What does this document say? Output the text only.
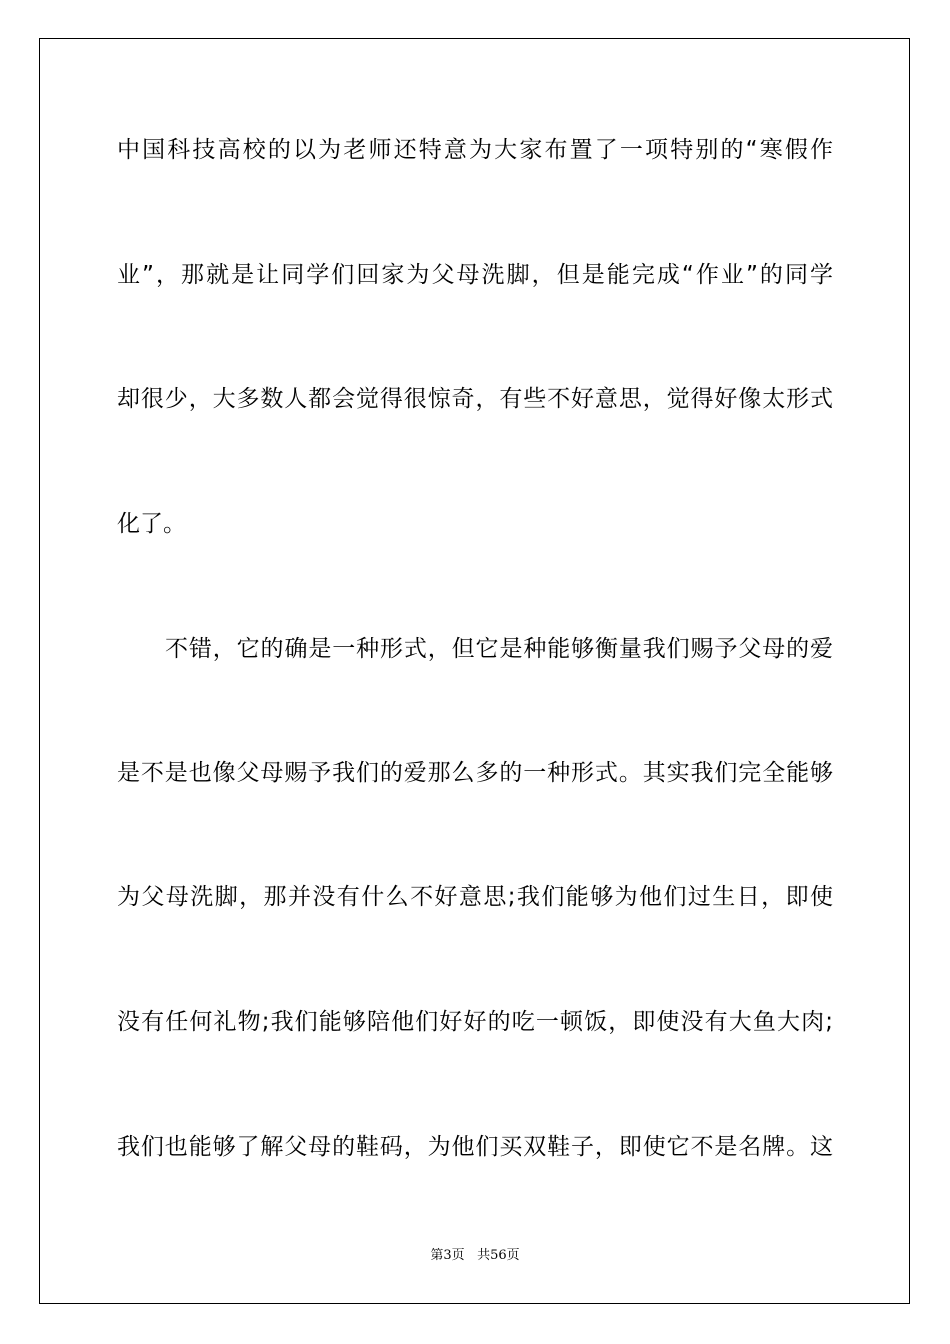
中国科技高校的以为老师还特意为大家布置了一项特别的“寒假作
业”，那就是让同学们回家为父母洗脚，但是能完成“作业”的同学
却很少，大多数人都会觉得很惊奇，有些不好意思，觉得好像太形式
化了。
不错，它的确是一种形式，但它是种能够衡量我们赐予父母的爱
是不是也像父母赐予我们的爱那么多的一种形式。其实我们完全能够
为父母洗脚，那并没有什么不好意思;我们能够为他们过生日，即使
没有任何礼物;我们能够陪他们好好的吃一顿饭，即使没有大鱼大肉;
我们也能够了解父母的鞋码，为他们买双鞋子，即使它不是名牌。这
第3页 共56页
